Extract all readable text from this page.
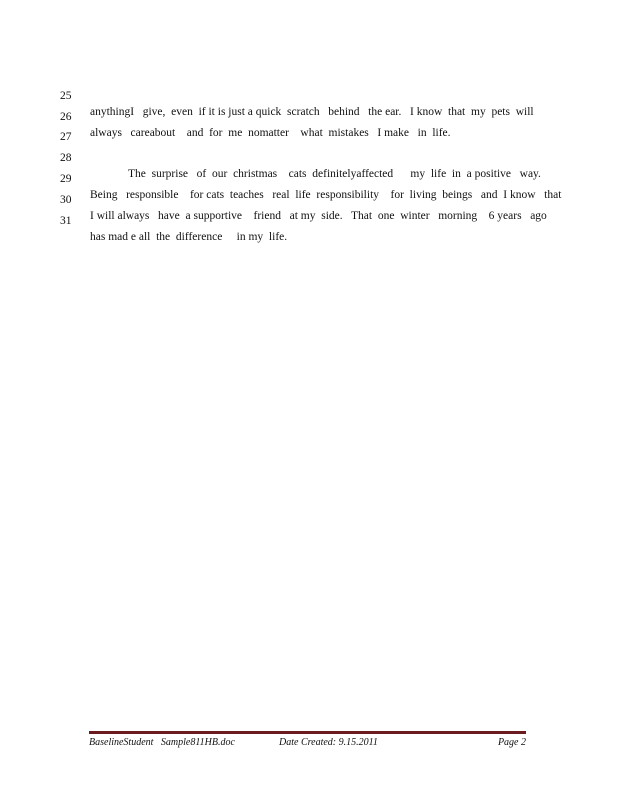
25

anythingI   give,  even  if it is just a quick  scratch   behind   the ear.   I know  that  my  pets  will

26

always   careabout    and  for  me  nomatter    what  mistakes   I make   in  life.

27

28

The  surprise   of  our  christmas    cats  definitelyaffected      my  life  in  a positive   way.

29

Being   responsible    for cats  teaches   real  life  responsibility    for  living  beings   and  I know   that

30

I will always   have  a supportive    friend   at my  side.   That  one  winter   morning    6 years   ago

31

has mad e all  the  difference     in my  life.

BaselineStudent   Sample811HB.doc	Date Created: 9.15.2011	Page 2
